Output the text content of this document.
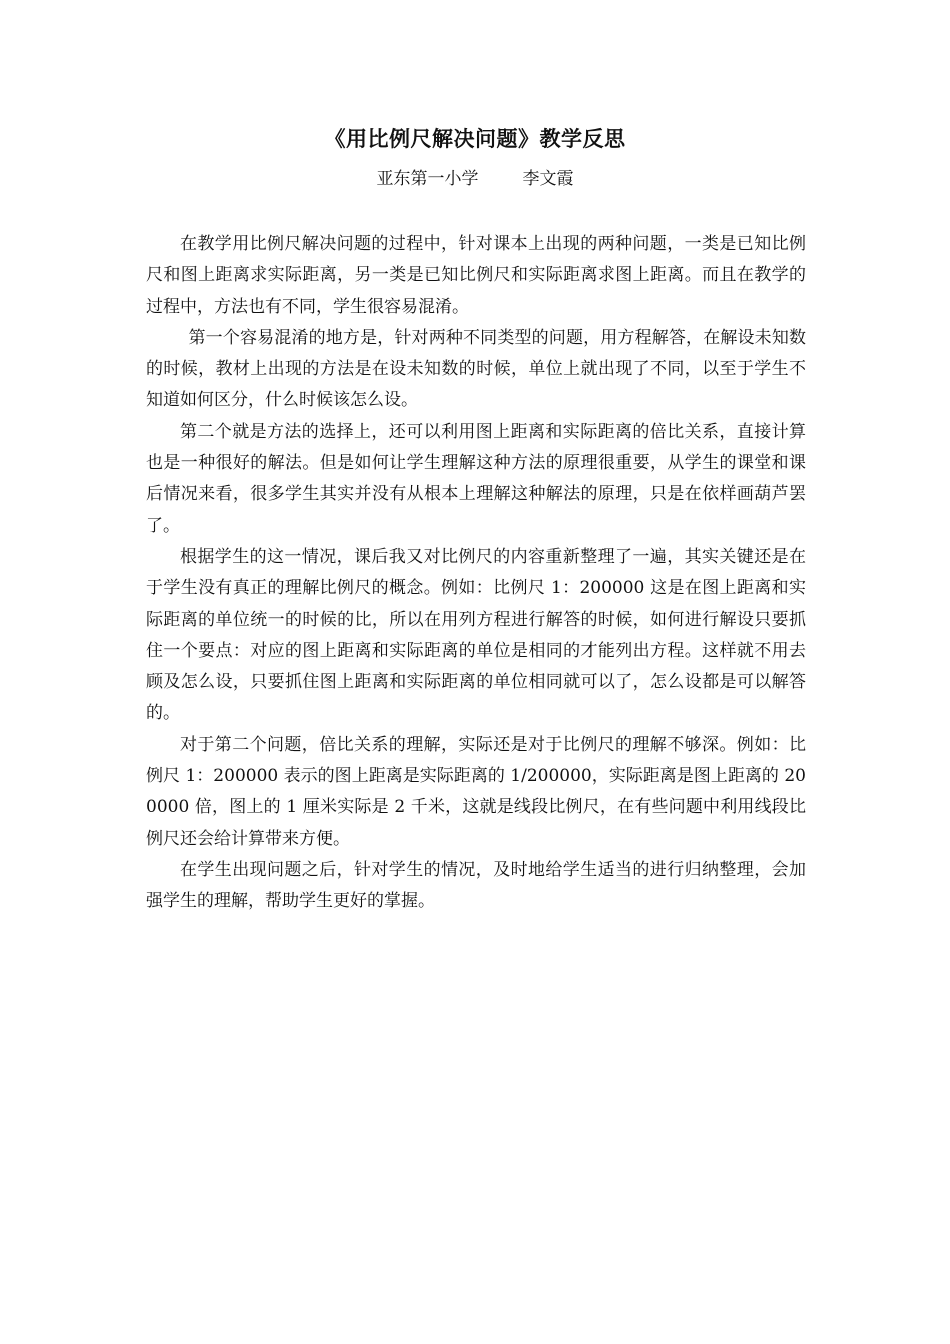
《用比例尺解决问题》教学反思
亚东第一小学	李文霞

在教学用比例尺解决问题的过程中，针对课本上出现的两种问题，一类是已知比例尺和图上距离求实际距离，另一类是已知比例尺和实际距离求图上距离。而且在教学的过程中，方法也有不同，学生很容易混淆。

第一个容易混淆的地方是，针对两种不同类型的问题，用方程解答，在解设未知数的时候，教材上出现的方法是在设未知数的时候，单位上就出现了不同，以至于学生不知道如何区分，什么时候该怎么设。

第二个就是方法的选择上，还可以利用图上距离和实际距离的倍比关系，直接计算也是一种很好的解法。但是如何让学生理解这种方法的原理很重要，从学生的课堂和课后情况来看，很多学生其实并没有从根本上理解这种解法的原理，只是在依样画葫芦罢了。

根据学生的这一情况，课后我又对比例尺的内容重新整理了一遍，其实关键还是在于学生没有真正的理解比例尺的概念。例如：比例尺 1：200000 这是在图上距离和实际距离的单位统一的时候的比，所以在用列方程进行解答的时候，如何进行解设只要抓住一个要点：对应的图上距离和实际距离的单位是相同的才能列出方程。这样就不用去顾及怎么设，只要抓住图上距离和实际距离的单位相同就可以了，怎么设都是可以解答的。

对于第二个问题，倍比关系的理解，实际还是对于比例尺的理解不够深。例如：比例尺 1：200000 表示的图上距离是实际距离的 1/200000，实际距离是图上距离的 200000 倍，图上的 1 厘米实际是 2 千米，这就是线段比例尺，在有些问题中利用线段比例尺还会给计算带来方便。

在学生出现问题之后，针对学生的情况，及时地给学生适当的进行归纳整理，会加强学生的理解，帮助学生更好的掌握。
